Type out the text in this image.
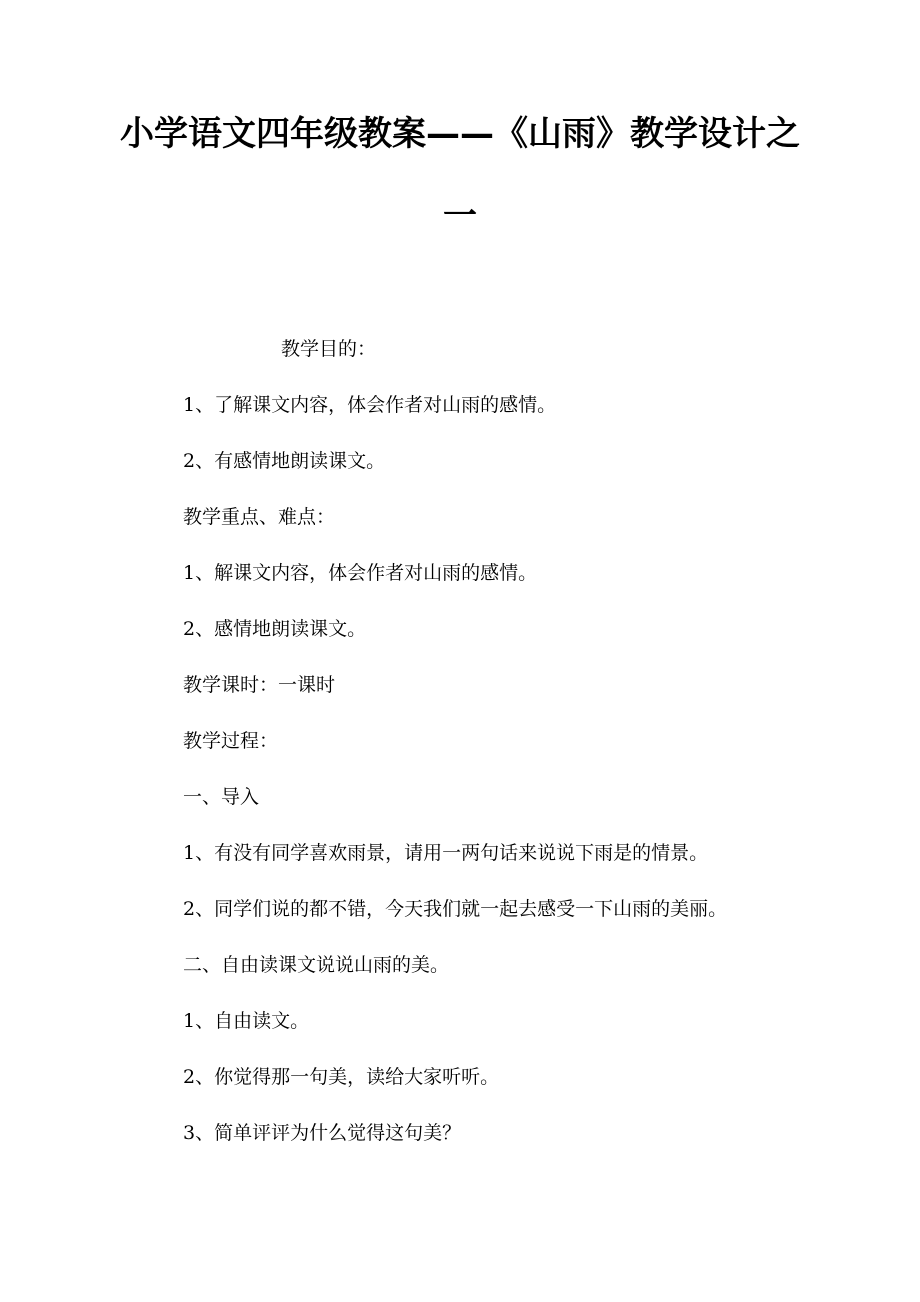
小学语文四年级教案——《山雨》教学设计之
一
教学目的：
1、了解课文内容，体会作者对山雨的感情。
2、有感情地朗读课文。
教学重点、难点：
1、解课文内容，体会作者对山雨的感情。
2、感情地朗读课文。
教学课时：一课时
教学过程：
一、导入
1、有没有同学喜欢雨景，请用一两句话来说说下雨是的情景。
2、同学们说的都不错，今天我们就一起去感受一下山雨的美丽。
二、自由读课文说说山雨的美。
1、自由读文。
2、你觉得那一句美，读给大家听听。
3、简单评评为什么觉得这句美？
